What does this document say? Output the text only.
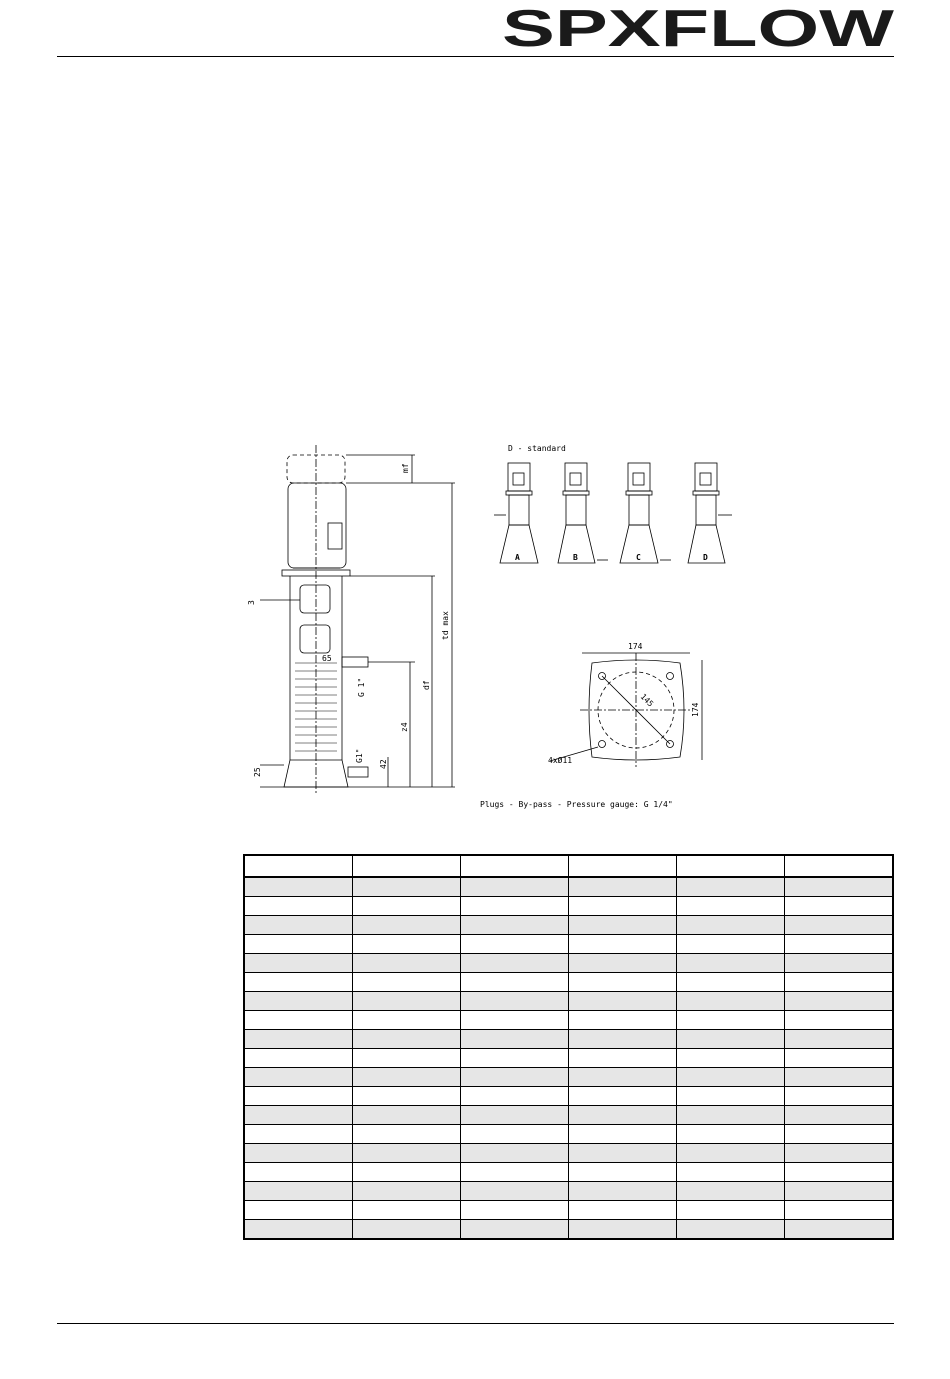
SPXFLOW
mf
td max
3
65
G 1"	df
z4
G1"
42
25
D - standard
A	B	C	D
174
174
145
4xØ11
Plugs - By-pass - Pressure gauge: G 1/4"
